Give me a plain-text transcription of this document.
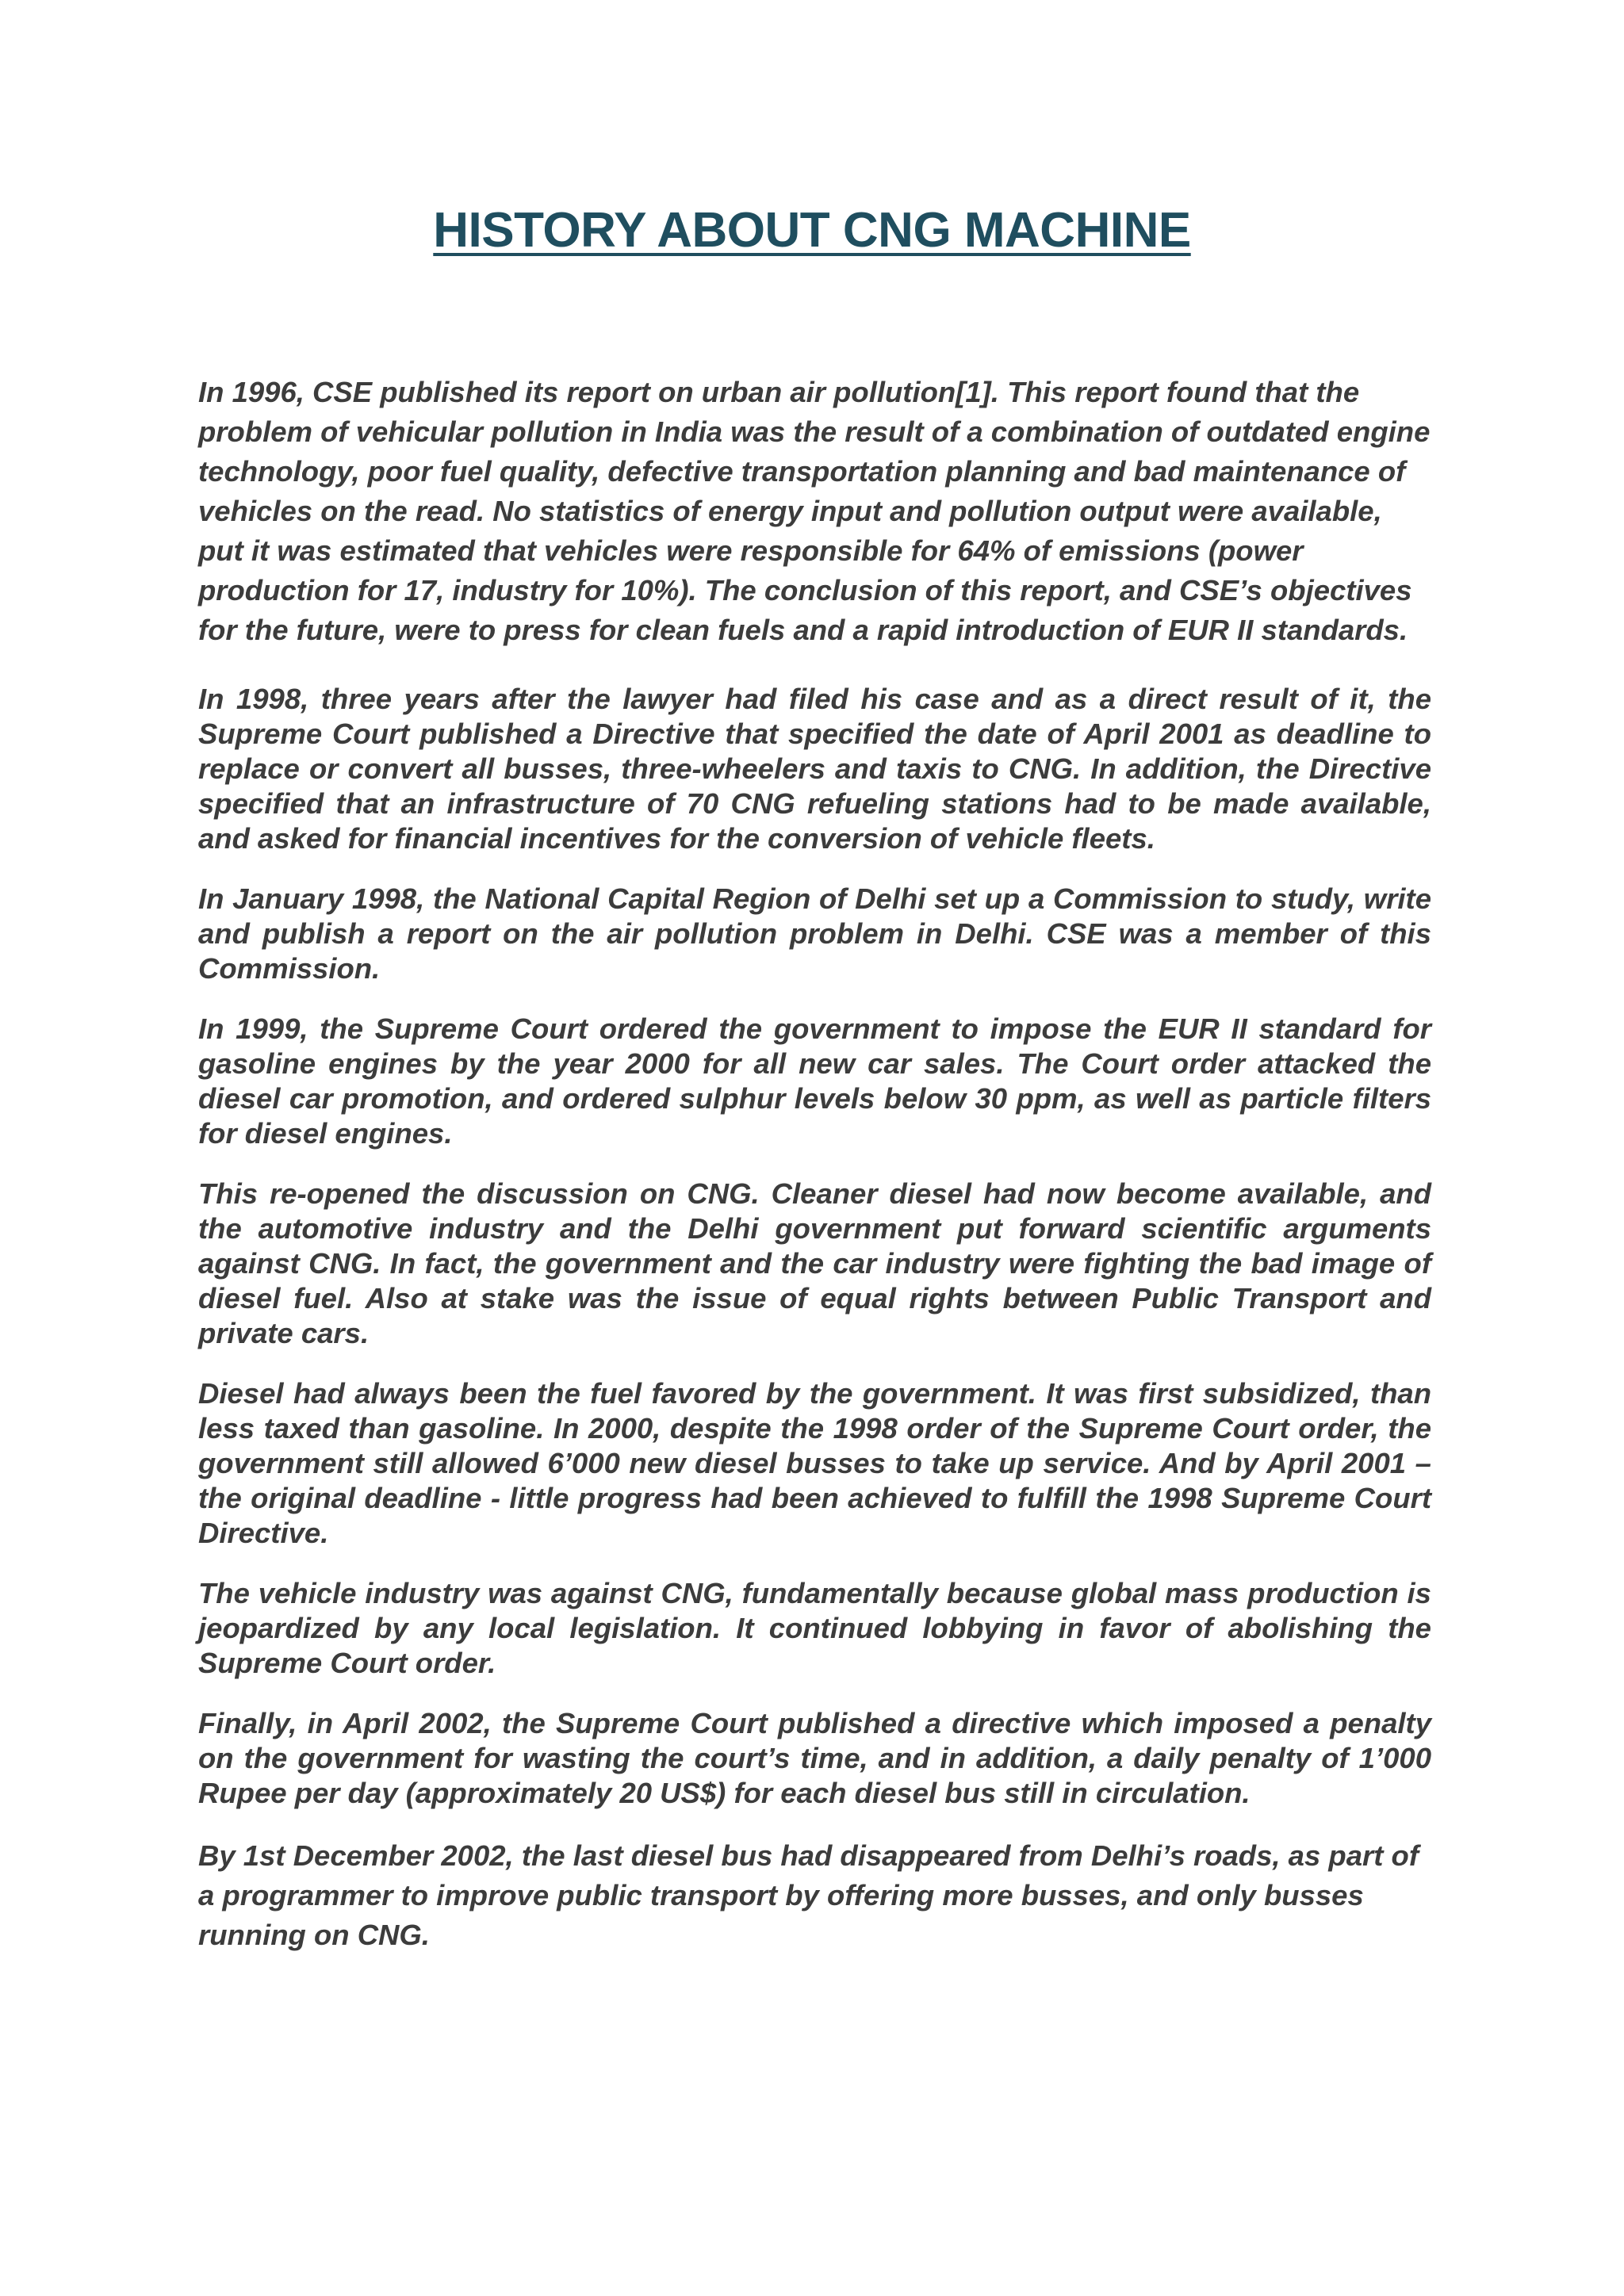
HISTORY ABOUT CNG MACHINE

In 1996, CSE published its report on urban air pollution[1]. This report found that the problem of vehicular pollution in India was the result of a combination of outdated engine technology, poor fuel quality, defective transportation planning and bad maintenance of vehicles on the read. No statistics of energy input and pollution output were available, put it was estimated that vehicles were responsible for 64% of emissions (power production for 17, industry for 10%). The conclusion of this report, and CSE’s objectives for the future, were to press for clean fuels and a rapid introduction of EUR II standards.

In 1998, three years after the lawyer had filed his case and as a direct result of it, the Supreme Court published a Directive that specified the date of April 2001 as deadline to replace or convert all busses, three-wheelers and taxis to CNG. In addition, the Directive specified that an infrastructure of 70 CNG refueling stations had to be made available, and asked for financial incentives for the conversion of vehicle fleets.

In January 1998, the National Capital Region of Delhi set up a Commission to study, write and publish a report on the air pollution problem in Delhi. CSE was a member of this Commission.

In 1999, the Supreme Court ordered the government to impose the EUR II standard for gasoline engines by the year 2000 for all new car sales. The Court order attacked the diesel car promotion, and ordered sulphur levels below 30 ppm, as well as particle filters for diesel engines.

This re-opened the discussion on CNG. Cleaner diesel had now become available, and the automotive industry and the Delhi government put forward scientific arguments against CNG. In fact, the government and the car industry were fighting the bad image of diesel fuel. Also at stake was the issue of equal rights between Public Transport and private cars.

Diesel had always been the fuel favored by the government. It was first subsidized, than less taxed than gasoline. In 2000, despite the 1998 order of the Supreme Court order, the government still allowed 6’000 new diesel busses to take up service. And by April 2001 – the original deadline - little progress had been achieved to fulfill the 1998 Supreme Court Directive.

The vehicle industry was against CNG, fundamentally because global mass production is jeopardized by any local legislation. It continued lobbying in favor of abolishing the Supreme Court order.

Finally, in April 2002, the Supreme Court published a directive which imposed a penalty on the government for wasting the court’s time, and in addition, a daily penalty of 1’000 Rupee per day (approximately 20 US$) for each diesel bus still in circulation.

By 1st December 2002, the last diesel bus had disappeared from Delhi’s roads, as part of a programmer to improve public transport by offering more busses, and only busses running on CNG.
